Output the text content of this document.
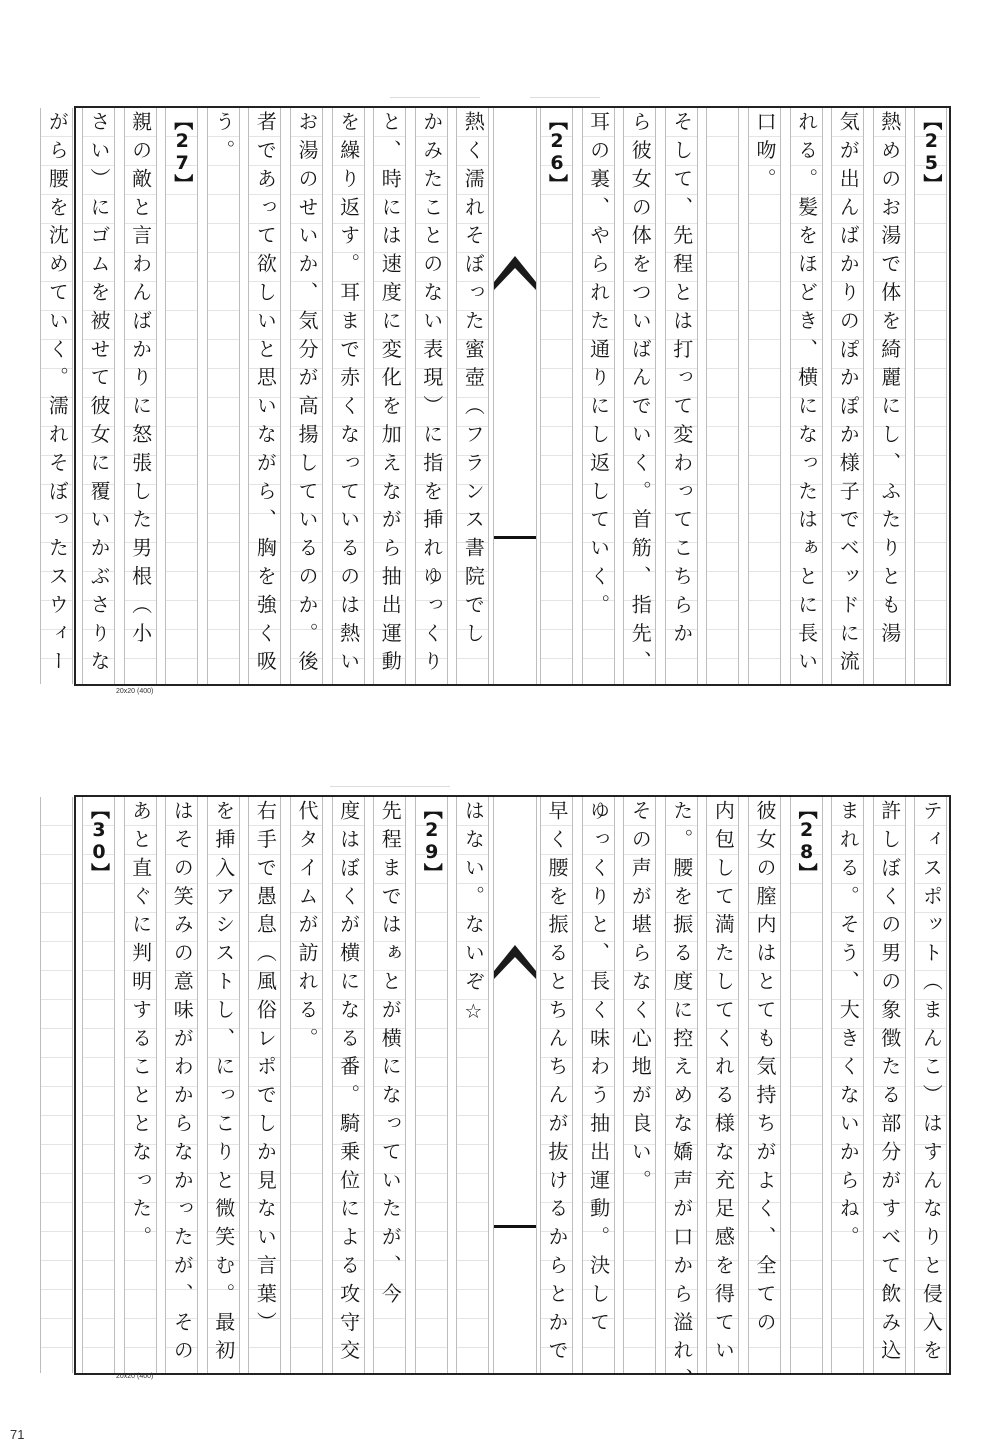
【25】
熱めのお湯で体を綺麗にし、ふたりとも湯
気が出んばかりのぽかぽか様子でベッドに流
れる。髪をほどき、横になったはぁとに長い
口吻。
そして、先程とは打って変わってこちらか
ら彼女の体をついばんでいく。首筋、指先、
耳の裏、やられた通りにし返していく。
【26】
熱く濡れそぼった蜜壺（フランス書院でし
かみたことのない表現）に指を挿れゆっくり
と、時には速度に変化を加えながら抽出運動
を繰り返す。耳まで赤くなっているのは熱い
お湯のせいか、気分が高揚しているのか。後
者であって欲しいと思いながら、胸を強く吸
う。
【27】
親の敵と言わんばかりに怒張した男根（小
さい）にゴムを被せて彼女に覆いかぶさりな
がら腰を沈めていく。濡れそぼったスウィー
20x20 (400)
ティスポット（まんこ）はすんなりと侵入を
許しぼくの男の象徴たる部分がすべて飲み込
まれる。そう、大きくないからね。
【28】
彼女の膣内はとても気持ちがよく、全ての
内包して満たしてくれる様な充足感を得てい
た。腰を振る度に控えめな嬌声が口から溢れ、
その声が堪らなく心地が良い。
ゆっくりと、長く味わう抽出運動。決して
早く腰を振るとちんちんが抜けるからとかで
はない。ないぞ☆
【29】
先程まではぁとが横になっていたが、今
度はぼくが横になる番。騎乗位による攻守交
代タイムが訪れる。
右手で愚息（風俗レポでしか見ない言葉）
を挿入アシストし、にっこりと微笑む。最初
はその笑みの意味がわからなかったが、その
あと直ぐに判明することとなった。
【30】
20x20 (400)
71
